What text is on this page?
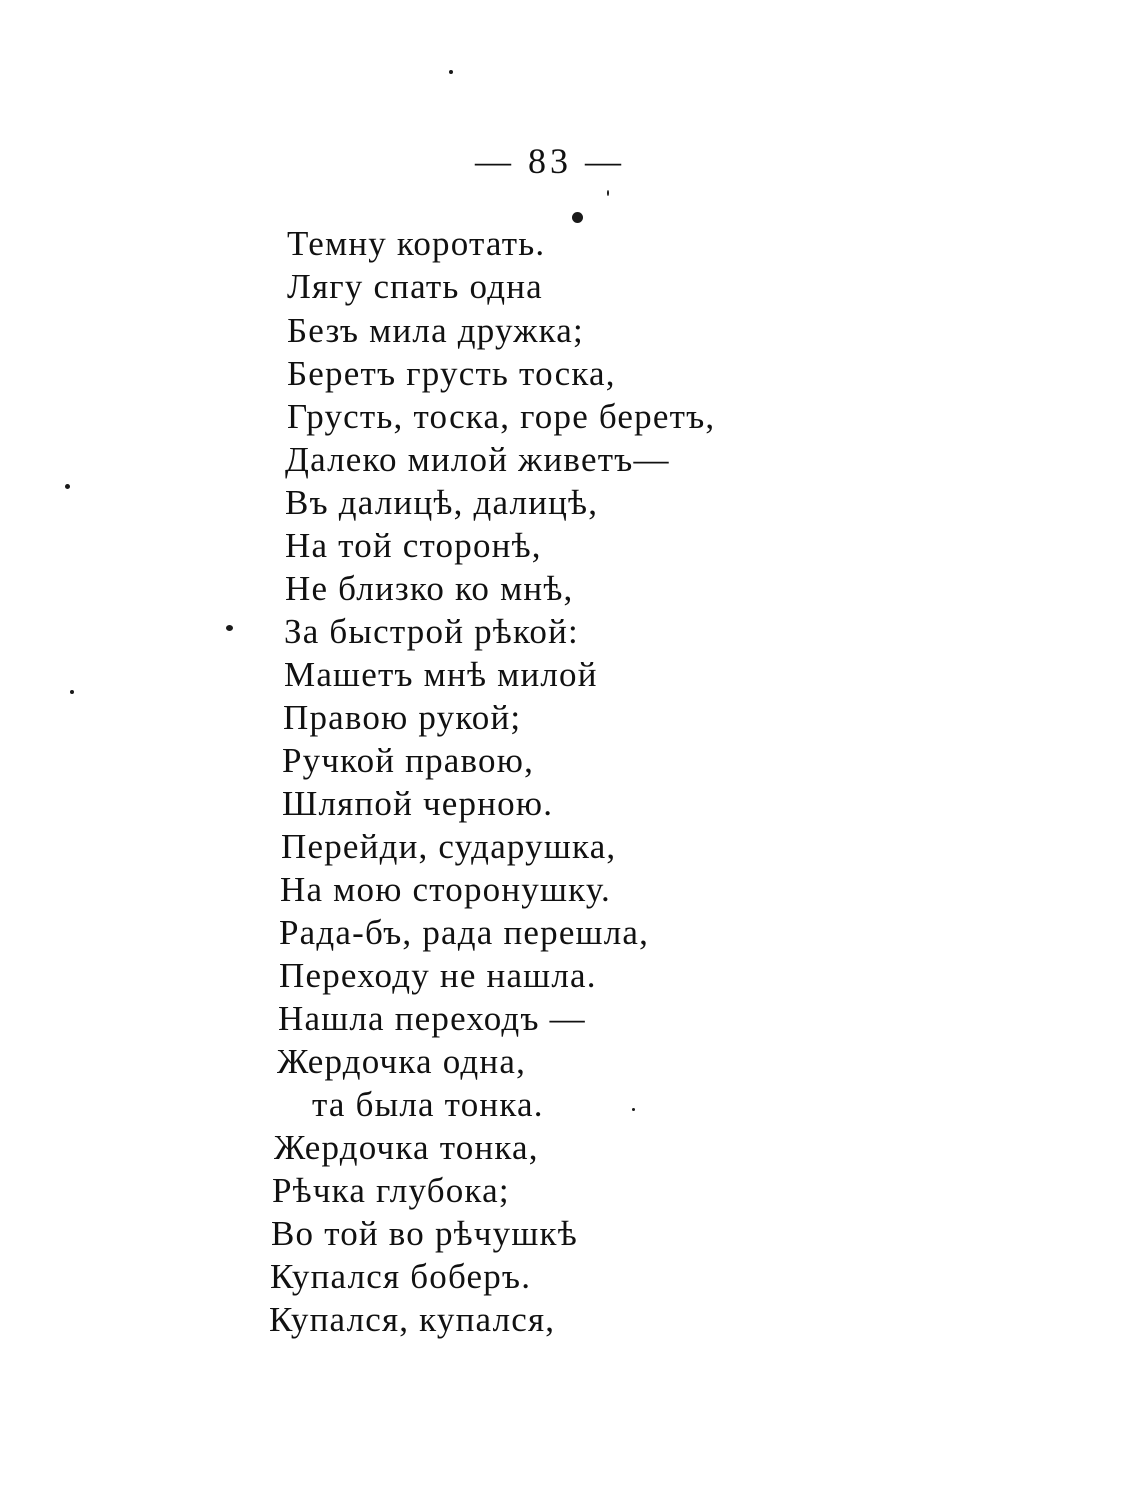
— 83 —
Темну коротать.
Лягу спать одна
Безъ мила дружка;
Беретъ грусть тоска,
Грусть, тоска, горе беретъ,
Далеко милой живетъ—
Въ далицѣ, далицѣ,
На той сторонѣ,
Не близко ко мнѣ,
За быстрой рѣкой:
Машетъ мнѣ милой
Правою рукой;
Ручкой правою,
Шляпой черною.
Перейди, сударушка,
На мою сторонушку.
Рада-бъ, рада перешла,
Переходу не нашла.
Нашла переходъ —
Жердочка одна,
та была тонка.
Жердочка тонка,
Рѣчка глубока;
Во той во рѣчушкѣ
Купался боберъ.
Купался, купался,
